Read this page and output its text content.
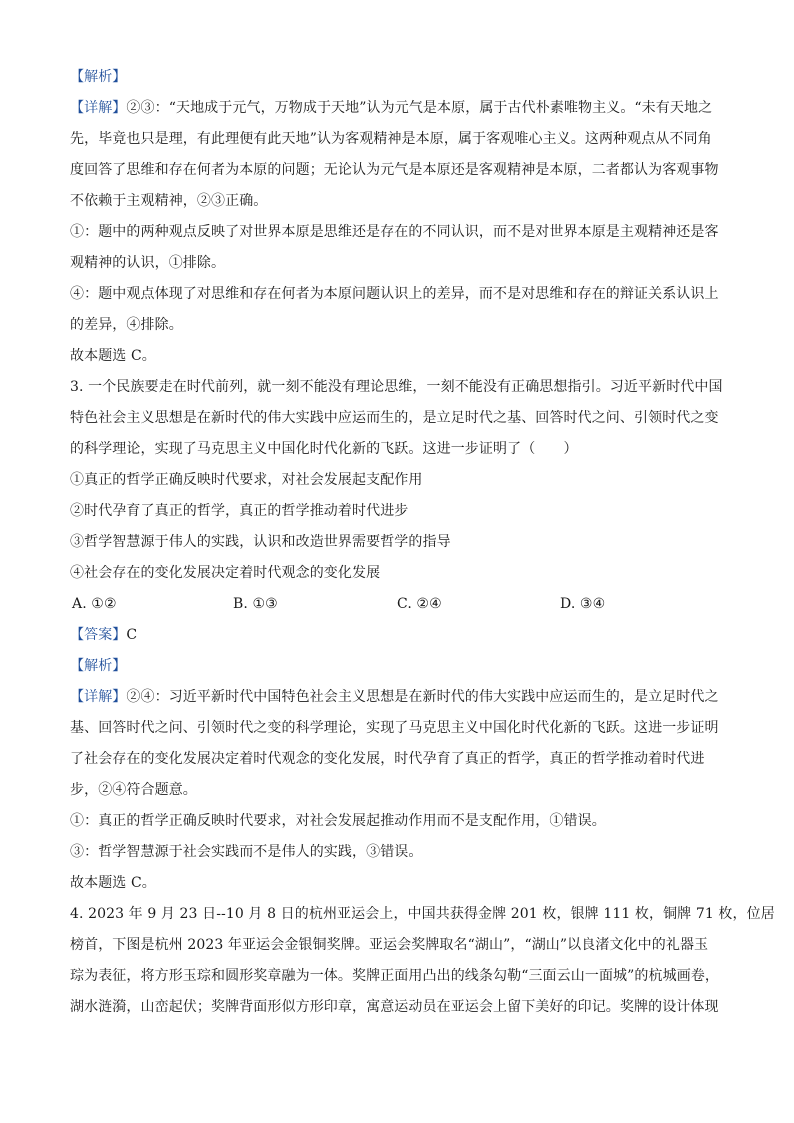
【解析】
【详解】②③：“天地成于元气，万物成于天地”认为元气是本原，属于古代朴素唯物主义。“未有天地之
先，毕竟也只是理，有此理便有此天地”认为客观精神是本原，属于客观唯心主义。这两种观点从不同角
度回答了思维和存在何者为本原的问题；无论认为元气是本原还是客观精神是本原，二者都认为客观事物
不依赖于主观精神，②③正确。
①：题中的两种观点反映了对世界本原是思维还是存在的不同认识，而不是对世界本原是主观精神还是客
观精神的认识，①排除。
④：题中观点体现了对思维和存在何者为本原问题认识上的差异，而不是对思维和存在的辩证关系认识上
的差异，④排除。
故本题选 C。
3. 一个民族要走在时代前列，就一刻不能没有理论思维，一刻不能没有正确思想指引。习近平新时代中国
特色社会主义思想是在新时代的伟大实践中应运而生的，是立足时代之基、回答时代之问、引领时代之变
的科学理论，实现了马克思主义中国化时代化新的飞跃。这进一步证明了（　　）
①真正的哲学正确反映时代要求，对社会发展起支配作用
②时代孕育了真正的哲学，真正的哲学推动着时代进步
③哲学智慧源于伟人的实践，认识和改造世界需要哲学的指导
④社会存在的变化发展决定着时代观念的变化发展
A. ①②	B. ①③	C. ②④	D. ③④
【答案】C
【解析】
【详解】②④：习近平新时代中国特色社会主义思想是在新时代的伟大实践中应运而生的，是立足时代之
基、回答时代之问、引领时代之变的科学理论，实现了马克思主义中国化时代化新的飞跃。这进一步证明
了社会存在的变化发展决定着时代观念的变化发展，时代孕育了真正的哲学，真正的哲学推动着时代进
步，②④符合题意。
①：真正的哲学正确反映时代要求，对社会发展起推动作用而不是支配作用，①错误。
③：哲学智慧源于社会实践而不是伟人的实践，③错误。
故本题选 C。
4. 2023 年 9 月 23 日--10 月 8 日的杭州亚运会上，中国共获得金牌 201 枚，银牌 111 枚，铜牌 71 枚，位居
榜首，下图是杭州 2023 年亚运会金银铜奖牌。亚运会奖牌取名“湖山”，“湖山”以良渚文化中的礼器玉
琮为表征，将方形玉琮和圆形奖章融为一体。奖牌正面用凸出的线条勾勒“三面云山一面城”的杭城画卷，
湖水涟漪，山峦起伏；奖牌背面形似方形印章，寓意运动员在亚运会上留下美好的印记。奖牌的设计体现
